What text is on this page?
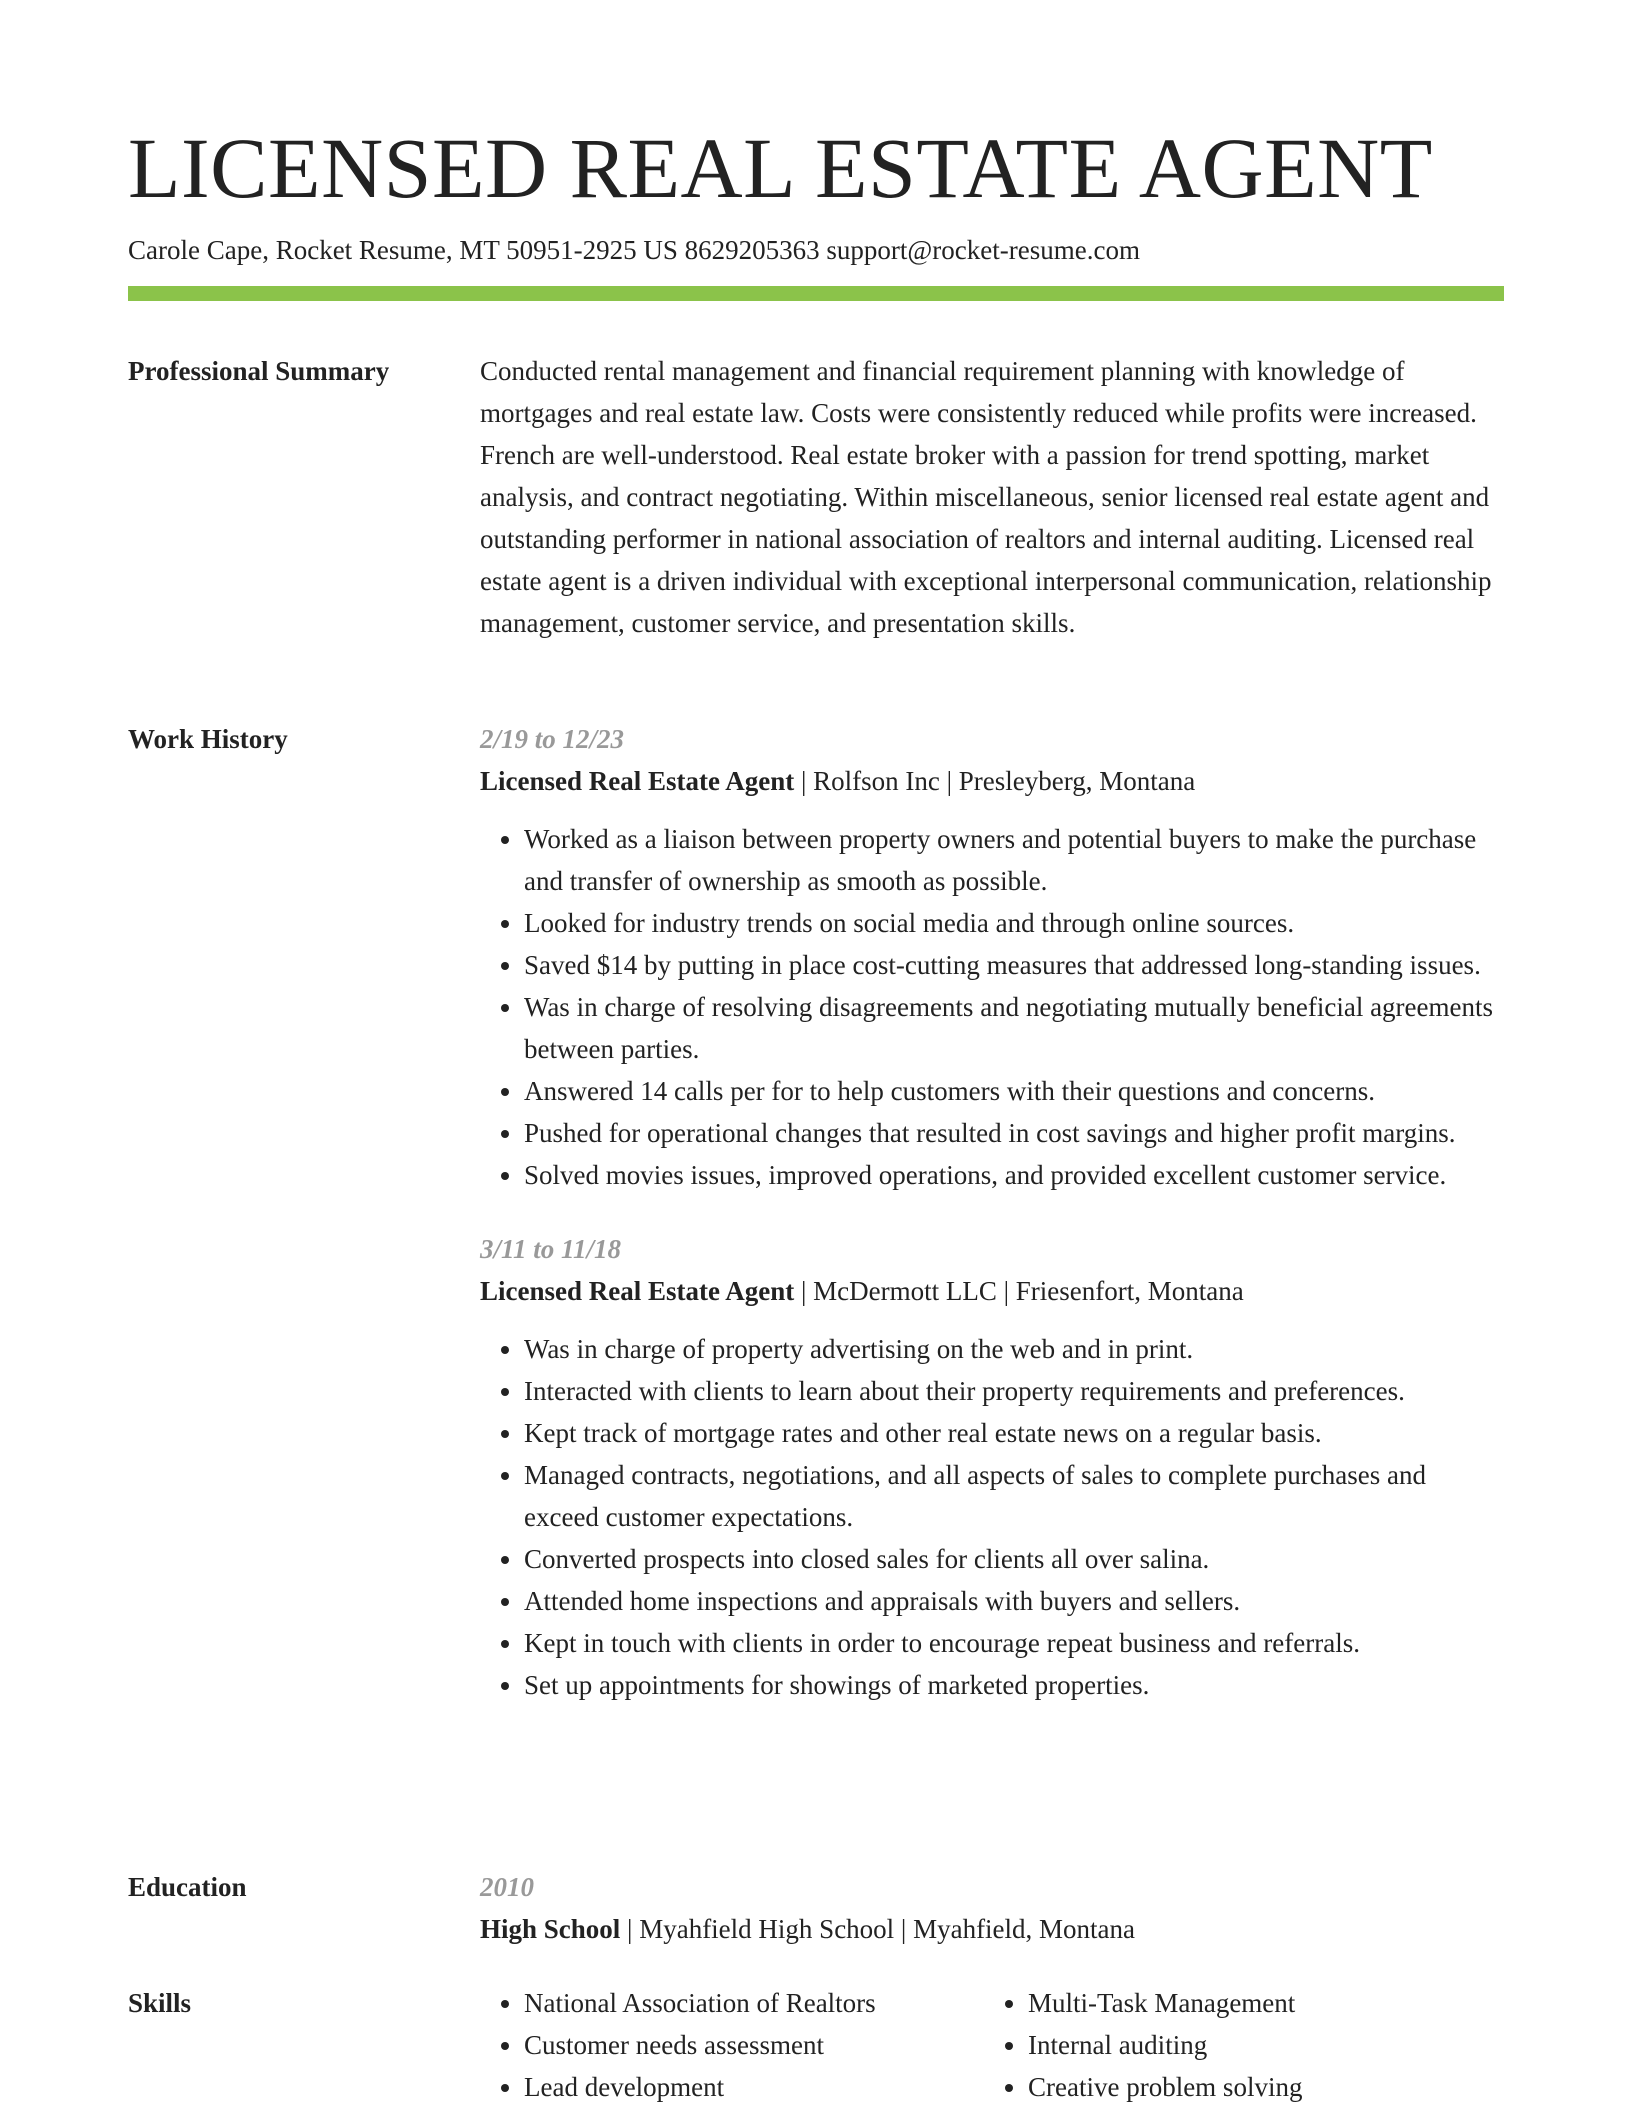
LICENSED REAL ESTATE AGENT
Carole Cape, Rocket Resume, MT 50951-2925 US 8629205363 support@rocket-resume.com
Professional Summary	Conducted rental management and financial requirement planning with knowledge of mortgages and real estate law. Costs were consistently reduced while profits were increased. French are well-understood. Real estate broker with a passion for trend spotting, market analysis, and contract negotiating. Within miscellaneous, senior licensed real estate agent and outstanding performer in national association of realtors and internal auditing. Licensed real estate agent is a driven individual with exceptional interpersonal communication, relationship management, customer service, and presentation skills.

Work History	2/19 to 12/23
Licensed Real Estate Agent | Rolfson Inc | Presleyberg, Montana
• Worked as a liaison between property owners and potential buyers to make the purchase and transfer of ownership as smooth as possible.
• Looked for industry trends on social media and through online sources.
• Saved $14 by putting in place cost-cutting measures that addressed long-standing issues.
• Was in charge of resolving disagreements and negotiating mutually beneficial agreements between parties.
• Answered 14 calls per for to help customers with their questions and concerns.
• Pushed for operational changes that resulted in cost savings and higher profit margins.
• Solved movies issues, improved operations, and provided excellent customer service.
3/11 to 11/18
Licensed Real Estate Agent | McDermott LLC | Friesenfort, Montana
• Was in charge of property advertising on the web and in print.
• Interacted with clients to learn about their property requirements and preferences.
• Kept track of mortgage rates and other real estate news on a regular basis.
• Managed contracts, negotiations, and all aspects of sales to complete purchases and exceed customer expectations.
• Converted prospects into closed sales for clients all over salina.
• Attended home inspections and appraisals with buyers and sellers.
• Kept in touch with clients in order to encourage repeat business and referrals.
• Set up appointments for showings of marketed properties.
Education	2010
High School | Myahfield High School | Myahfield, Montana
Skills
•	National Association of Realtors
• Customer needs assessment
• Lead development
• Multi-Task Management
• Internal auditing
• Creative problem solving
